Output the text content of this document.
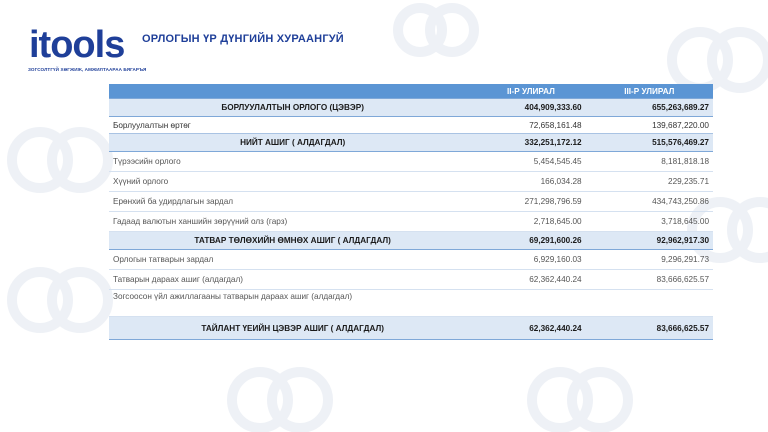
itools
ЗОГСОЛТГҮЙ ХӨГЖИЖ, АМЖИЛТААРАА БЯГАРЪЯ
ОРЛОГЫН ҮР ДҮНГИЙН ХУРААНГУЙ
	II-Р УЛИРАЛ	III-Р УЛИРАЛ
БОРЛУУЛАЛТЫН ОРЛОГО (ЦЭВЭР)	404,909,333.60	655,263,689.27
Борлуулалтын өртөг	72,658,161.48	139,687,220.00
НИЙТ АШИГ ( АЛДАГДАЛ)	332,251,172.12	515,576,469.27
Түрээсийн орлого	5,454,545.45	8,181,818.18
Хүүний орлого	166,034.28	229,235.71
Ерөнхий ба удирдлагын зардал	271,298,796.59	434,743,250.86
Гадаад валютын ханшийн зөрүүний олз (гарз)	2,718,645.00	3,718,645.00
ТАТВАР ТӨЛӨХИЙН ӨМНӨХ АШИГ ( АЛДАГДАЛ)	69,291,600.26	92,962,917.30
Орлогын татварын зардал	6,929,160.03	9,296,291.73
Татварын дараах ашиг (алдагдал)	62,362,440.24	83,666,625.57
Зогсоосон үйл ажиллагааны татварын дараах ашиг (алдагдал)		
ТАЙЛАНТ ҮЕИЙН ЦЭВЭР АШИГ ( АЛДАГДАЛ)	62,362,440.24	83,666,625.57
